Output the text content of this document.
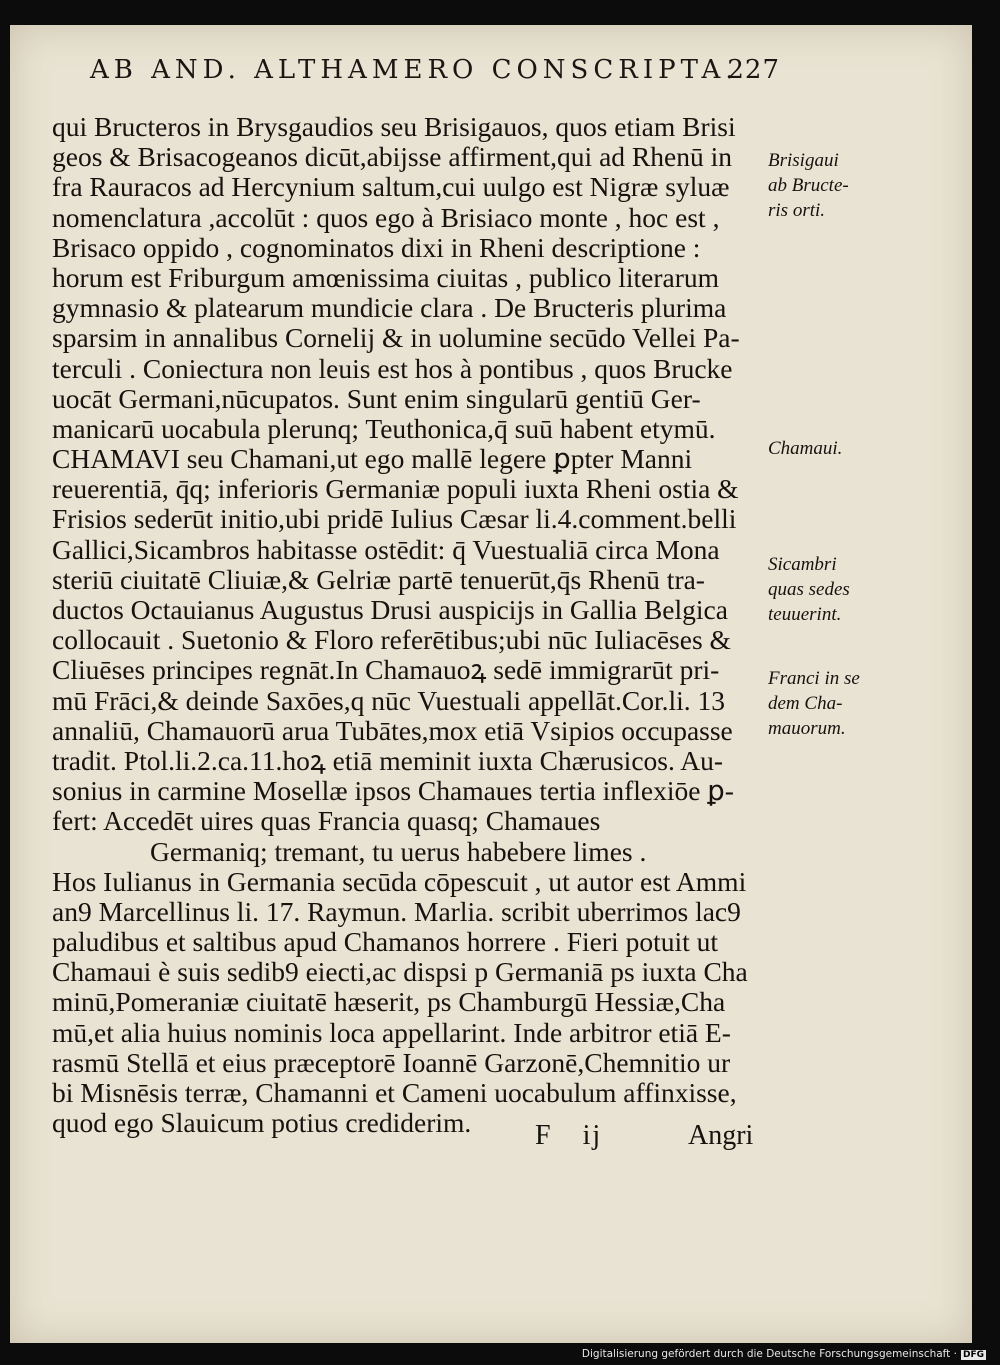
AB AND. ALTHAMERO CONSCRIPTA.
227
qui Bructeros in Brysgaudios seu Brisigauos, quos etiam Brisi
geos & Brisacogeanos dicūt,abijsse affirment,qui ad Rhenū in
fra Rauracos ad Hercynium saltum,cui uulgo est Nigræ syluæ
nomenclatura ,accolūt : quos ego à Brisiaco monte , hoc est ,
Brisaco oppido , cognominatos dixi in Rheni descriptione :
horum est Friburgum amœnissima ciuitas , publico literarum
gymnasio & platearum mundicie clara . De Bructeris plurima
sparsim in annalibus Cornelij & in uolumine secūdo Vellei Pa-
terculi . Coniectura non leuis est hos à pontibus , quos Brucke
uocāt Germani,nūcupatos. Sunt enim singularū gentiū Ger-
manicarū uocabula plerunq; Teuthonica,q̄ suū habent etymū.
CHAMAVI seu Chamani,ut ego mallē legere ꝑpter Manni
reuerentiā, q̄q; inferioris Germaniæ populi iuxta Rheni ostia &
Frisios sederūt initio,ubi pridē Iulius Cæsar li.4.comment.belli
Gallici,Sicambros habitasse ostēdit: q̄ Vuestualiā circa Mona
steriū ciuitatē Cliuiæ,& Gelriæ partē tenuerūt,q̄s Rhenū tra-
ductos Octauianus Augustus Drusi auspicijs in Gallia Belgica
collocauit . Suetonio & Floro referētibus;ubi nūc Iuliacēses &
Cliuēses principes regnāt.In Chamauoꝝ sedē immigrarūt pri-
mū Frāci,& deinde Saxōes,q nūc Vuestuali appellāt.Cor.li. 13
annaliū, Chamauorū arua Tubātes,mox etiā Vsipios occupasse
tradit. Ptol.li.2.ca.11.hoꝝ etiā meminit iuxta Chærusicos. Au-
sonius in carmine Mosellæ ipsos Chamaues tertia inflexiōe ꝑ-
fert: Accedēt uires quas Francia quasq; Chamaues
Germaniq; tremant, tu uerus habebere limes .
Hos Iulianus in Germania secūda cōpescuit , ut autor est Ammi
an9 Marcellinus li. 17. Raymun. Marlia. scribit uberrimos lac9
paludibus et saltibus apud Chamanos horrere . Fieri potuit ut
Chamaui è suis sedib9 eiecti,ac dispsi p Germaniā ps iuxta Cha
minū,Pomeraniæ ciuitatē hæserit, ps Chamburgū Hessiæ,Cha
mū,et alia huius nominis loca appellarint. Inde arbitror etiā E-
rasmū Stellā et eius præceptorē Ioannē Garzonē,Chemnitio ur
bi Misnēsis terræ, Chamanni et Cameni uocabulum affinxisse,
quod ego Slauicum potius crediderim.
Brisigaui
ab Bructe-
ris orti.
Chamaui.
Sicambri
quas sedes
teuuerint.
Franci in se
dem Cha-
mauorum.
F ij	Angri
Digitalisierung gefördert durch die Deutsche Forschungsgemeinschaft · DFG
